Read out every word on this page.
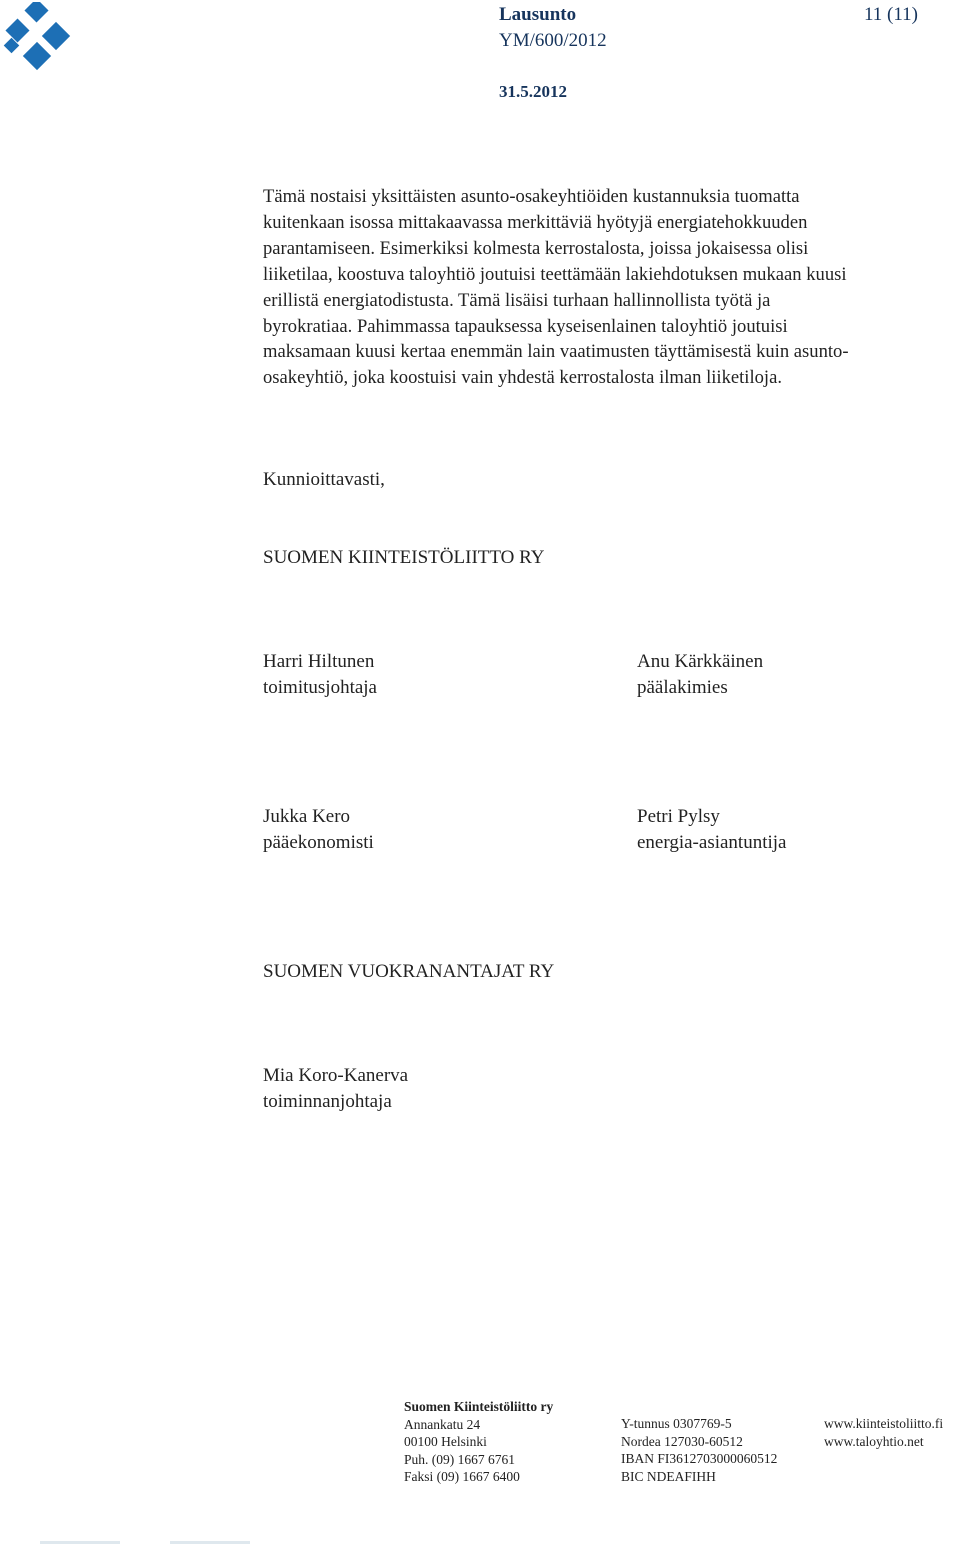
Lausunto	11 (11)
YM/600/2012
31.5.2012
Tämä nostaisi yksittäisten asunto-osakeyhtiöiden kustannuksia tuomatta
kuitenkaan isossa mittakaavassa merkittäviä hyötyjä energiatehokkuuden
parantamiseen. Esimerkiksi kolmesta kerrostalosta, joissa jokaisessa olisi
liiketilaa, koostuva taloyhtiö joutuisi teettämään lakiehdotuksen mukaan kuusi
erillistä energiatodistusta. Tämä lisäisi turhaan hallinnollista työtä ja
byrokratiaa. Pahimmassa tapauksessa kyseisenlainen taloyhtiö joutuisi
maksamaan kuusi kertaa enemmän lain vaatimusten täyttämisestä kuin asunto-
osakeyhtiö, joka koostuisi vain yhdestä kerrostalosta ilman liiketiloja.
Kunnioittavasti,
SUOMEN KIINTEISTÖLIITTO RY
Harri Hiltunen
toimitusjohtaja
Anu Kärkkäinen
päälakimies
Jukka Kero
pääekonomisti
Petri Pylsy
energia-asiantuntija
SUOMEN VUOKRANANTAJAT RY
Mia Koro-Kanerva
toiminnanjohtaja
Suomen Kiinteistöliitto ry
Annankatu 24
00100 Helsinki
Puh. (09) 1667 6761
Faksi (09) 1667 6400
Y-tunnus 0307769-5
Nordea 127030-60512
IBAN FI3612703000060512
BIC NDEAFIHH
www.kiinteistoliitto.fi
www.taloyhtio.net
